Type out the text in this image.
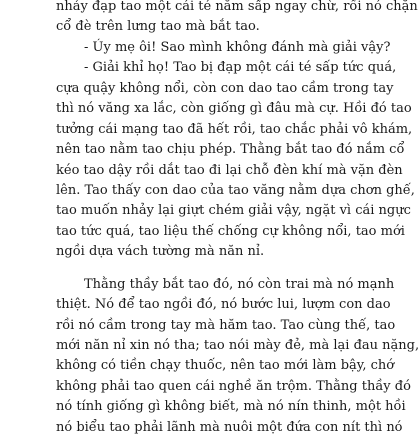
nhảy đạp tao một cái té nằm sấp ngay chừ, rồi nó chặn
cổ đè trên lưng tao mà bắt tao.
- Úy mẹ ôi! Sao mình không đánh mà giải vậy?
- Giải khỉ họ! Tao bị đạp một cái té sấp tức quá,
cựa quậy không nổi, còn con dao tao cầm trong tay
thì nó văng xa lắc, còn giống gì đâu mà cự. Hồi đó tao
tưởng cái mạng tao đã hết rồi, tao chắc phải vô khám,
nên tao nằm tao chịu phép. Thằng bắt tao đó nắm cổ
kéo tao dậy rồi dắt tao đi lại chỗ đèn khí mà vặn đèn
lên. Tao thấy con dao của tao văng nằm dựa chơn ghế,
tao muốn nhảy lại giựt chém giải vậy, ngặt vì cái ngực
tao tức quá, tao liệu thế chống cự không nổi, tao mới
ngồi dựa vách tường mà năn nỉ.
Thằng thầy bắt tao đó, nó còn trai mà nó mạnh
thiệt. Nó để tao ngồi đó, nó bước lui, lượm con dao
rồi nó cầm trong tay mà hăm tao. Tao cùng thế, tao
mới năn nỉ xin nó tha; tao nói mày đẻ, mà lại đau nặng,
không có tiền chạy thuốc, nên tao mới làm bậy, chớ
không phải tao quen cái nghề ăn trộm. Thằng thầy đó
nó tính giống gì không biết, mà nó nín thinh, một hồi
nó biểu tao phải lãnh mà nuôi một đứa con nít thì nó
